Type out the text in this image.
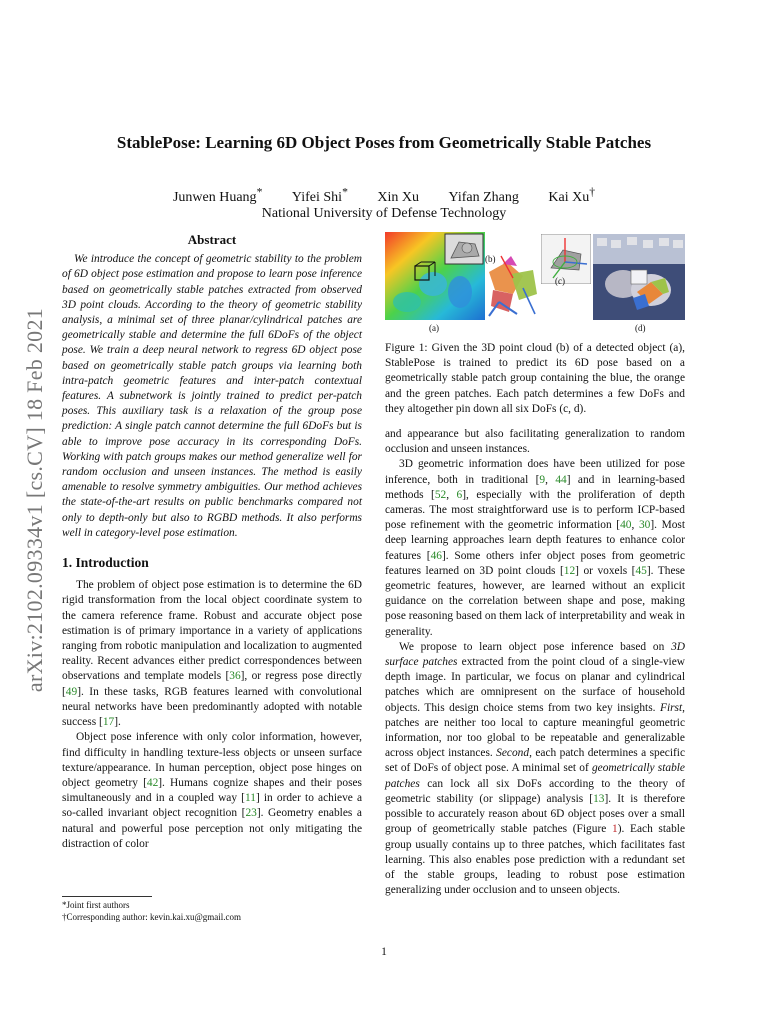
arXiv:2102.09334v1 [cs.CV] 18 Feb 2021
StablePose: Learning 6D Object Poses from Geometrically Stable Patches
Junwen Huang* Yifei Shi* Xin Xu Yifan Zhang Kai Xu†
National University of Defense Technology
Abstract

We introduce the concept of geometric stability to the problem of 6D object pose estimation and propose to learn pose inference based on geometrically stable patches extracted from observed 3D point clouds. According to the theory of geometric stability analysis, a minimal set of three planar/cylindrical patches are geometrically stable and determine the full 6DoFs of the object pose. We train a deep neural network to regress 6D object pose based on geometrically stable patch groups via learning both intra-patch geometric features and inter-patch contextual features. A subnetwork is jointly trained to predict per-patch poses. This auxiliary task is a relaxation of the group pose prediction: A single patch cannot determine the full 6DoFs but is able to improve pose accuracy in its corresponding DoFs. Working with patch groups makes our method generalize well for random occlusion and unseen instances. The method is easily amenable to resolve symmetry ambiguities. Our method achieves the state-of-the-art results on public benchmarks compared not only to depth-only but also to RGBD methods. It also performs well in category-level pose estimation.

1. Introduction

The problem of object pose estimation is to determine the 6D rigid transformation from the local object coordinate system to the camera reference frame. Robust and accurate object pose estimation is of primary importance in a variety of applications ranging from robotic manipulation and localization to augmented reality. Recent advances either predict correspondences between observations and template models [36], or regress pose directly [49]. In these tasks, RGB features learned with convolutional neural networks have been predominantly adopted with notable success [17].

Object pose inference with only color information, however, find difficulty in handling texture-less objects or unseen surface texture/appearance. In human perception, object pose hinges on object geometry [42]. Humans cognize shapes and their poses simultaneously and in a coupled way [11] in order to achieve a so-called invariant object recognition [23]. Geometry enables a natural and powerful pose perception not only mitigating the distraction of color

*Joint first authors
†Corresponding author: kevin.kai.xu@gmail.com
(a)
(b)
(c)
(d)

Figure 1: Given the 3D point cloud (b) of a detected object (a), StablePose is trained to predict its 6D pose based on a geometrically stable patch group containing the blue, the orange and the green patches. Each patch determines a few DoFs and they altogether pin down all six DoFs (c, d).

and appearance but also facilitating generalization to random occlusion and unseen instances.

3D geometric information does have been utilized for pose inference, both in traditional [9, 44] and in learning-based methods [52, 6], especially with the proliferation of depth cameras. The most straightforward use is to perform ICP-based pose refinement with the geometric information [40, 30]. Most deep learning approaches learn depth features to enhance color features [46]. Some others infer object poses from geometric features learned on 3D point clouds [12] or voxels [45]. These geometric features, however, are learned without an explicit guidance on the correlation between shape and pose, making pose reasoning based on them lack of interpretability and weak in generality.

We propose to learn object pose inference based on 3D surface patches extracted from the point cloud of a single-view depth image. In particular, we focus on planar and cylindrical patches which are omnipresent on the surface of household objects. This design choice stems from two key insights. First, patches are neither too local to capture meaningful geometric information, nor too global to be repeatable and generalizable across object instances. Second, each patch determines a specific set of DoFs of object pose. A minimal set of geometrically stable patches can lock all six DoFs according to the theory of geometric stability (or slippage) analysis [13]. It is therefore possible to accurately reason about 6D object poses over a small group of geometrically stable patches (Figure 1). Each stable group usually contains up to three patches, which facilitates fast learning. This also enables pose prediction with a redundant set of the stable groups, leading to robust pose estimation generalizing under occlusion and to unseen objects.

1
